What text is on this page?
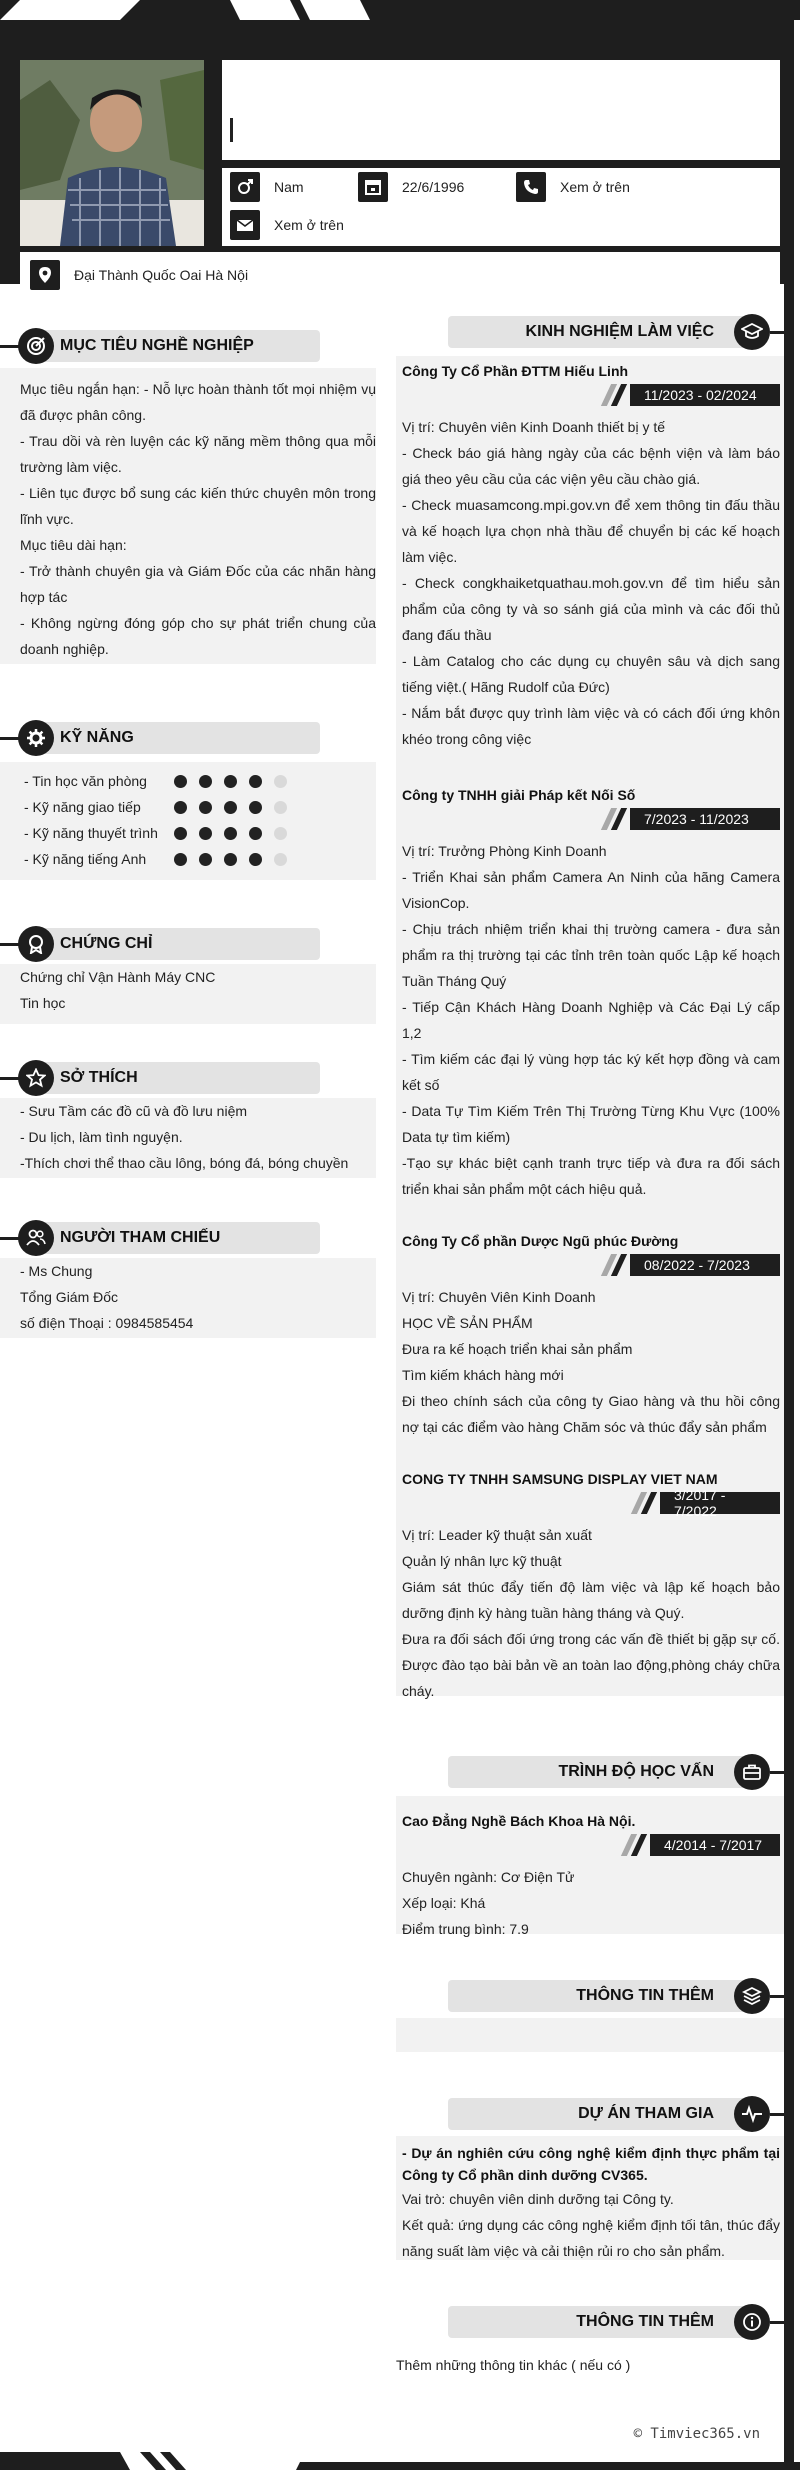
Nam	22/6/1996	Xem ở trên
Xem ở trên
Đại Thành Quốc Oai Hà Nội
MỤC TIÊU NGHỀ NGHIỆP
Mục tiêu ngắn hạn: - Nỗ lực hoàn thành tốt mọi nhiệm vụ đã được phân công.
- Trau dồi và rèn luyện các kỹ năng mềm thông qua mỗi trường làm việc.
- Liên tục được bổ sung các kiến thức chuyên môn trong lĩnh vực.
Mục tiêu dài hạn:
- Trở thành chuyên gia và Giám Đốc của các nhãn hàng hợp tác
- Không ngừng đóng góp cho sự phát triển chung của doanh nghiệp.
KỸ NĂNG
- Tin học văn phòng
- Kỹ năng giao tiếp
- Kỹ năng thuyết trình
- Kỹ năng tiếng Anh
CHỨNG CHỈ
Chứng chỉ Vận Hành Máy CNC
Tin học
SỞ THÍCH
- Sưu Tầm các đồ cũ và đồ lưu niệm
- Du lịch, làm tình nguyện.
-Thích chơi thể thao cầu lông, bóng đá, bóng chuyền
NGƯỜI THAM CHIẾU
- Ms Chung
Tổng Giám Đốc
số điện Thoại : 0984585454
KINH NGHIỆM LÀM VIỆC
Công Ty Cổ Phần ĐTTM Hiếu Linh
11/2023 - 02/2024
Vị trí: Chuyên viên Kinh Doanh thiết bị y tế
- Check báo giá hàng ngày của các bệnh viện và làm báo giá theo yêu cầu của các viện yêu cầu chào giá.
- Check muasamcong.mpi.gov.vn để xem thông tin đấu thầu và kế hoạch lựa chọn nhà thầu để chuyển bị các kế hoạch làm việc.
- Check congkhaiketquathau.moh.gov.vn để tìm hiểu sản phẩm của công ty và so sánh giá của mình và các đối thủ đang đấu thầu
- Làm Catalog cho các dụng cụ chuyên sâu và dịch sang tiếng việt.( Hãng Rudolf của Đức)
- Nắm bắt được quy trình làm việc và có cách đối ứng khôn khéo trong công việc
Công ty TNHH giải Pháp kết Nối Số
7/2023 - 11/2023
Vị trí: Trưởng Phòng Kinh Doanh
- Triển Khai sản phẩm Camera An Ninh của hãng Camera VisionCop.
- Chịu trách nhiệm triển khai thị trường camera - đưa sản phẩm ra thị trường tại các tỉnh trên toàn quốc Lập kế hoạch Tuần Tháng Quý
- Tiếp Cận Khách Hàng Doanh Nghiệp và Các Đại Lý cấp 1,2
- Tìm kiếm các đại lý vùng hợp tác ký kết hợp đồng và cam kết số
- Data Tự Tìm Kiếm Trên Thị Trường Từng Khu Vực (100% Data tự tìm kiếm)
-Tạo sự khác biệt cạnh tranh trực tiếp và đưa ra đối sách triển khai sản phẩm một cách hiệu quả.
Công Ty Cổ phần Dược Ngũ phúc Đường
08/2022 - 7/2023
Vị trí: Chuyên Viên Kinh Doanh
HỌC VỀ SẢN PHẨM
Đưa ra kế hoạch triển khai sản phẩm
Tìm kiếm khách hàng mới
Đi theo chính sách của công ty Giao hàng và thu hồi công nợ tại các điểm vào hàng Chăm sóc và thúc đẩy sản phẩm
CONG TY TNHH SAMSUNG DISPLAY VIET NAM
3/2017 - 7/2022
Vị trí: Leader kỹ thuật sản xuất
Quản lý nhân lực kỹ thuật
Giám sát thúc đẩy tiến độ làm việc và lập kế hoạch bảo dưỡng định kỳ hàng tuần hàng tháng và Quý.
Đưa ra đối sách đối ứng trong các vấn đề thiết bị gặp sự cố. Được đào tạo bài bản về an toàn lao động,phòng cháy chữa cháy.
TRÌNH ĐỘ HỌC VẤN
Cao Đẳng Nghề Bách Khoa Hà Nội.
4/2014 - 7/2017
Chuyên ngành: Cơ Điện Tử
Xếp loại: Khá
Điểm trung bình: 7.9
THÔNG TIN THÊM
DỰ ÁN THAM GIA
- Dự án nghiên cứu công nghệ kiểm định thực phẩm tại Công ty Cổ phần dinh dưỡng CV365.
Vai trò: chuyên viên dinh dưỡng tại Công ty.
Kết quả: ứng dụng các công nghệ kiểm định tối tân, thúc đẩy năng suất làm việc và cải thiện rủi ro cho sản phẩm.
THÔNG TIN THÊM
Thêm những thông tin khác ( nếu có )
© Timviec365.vn
